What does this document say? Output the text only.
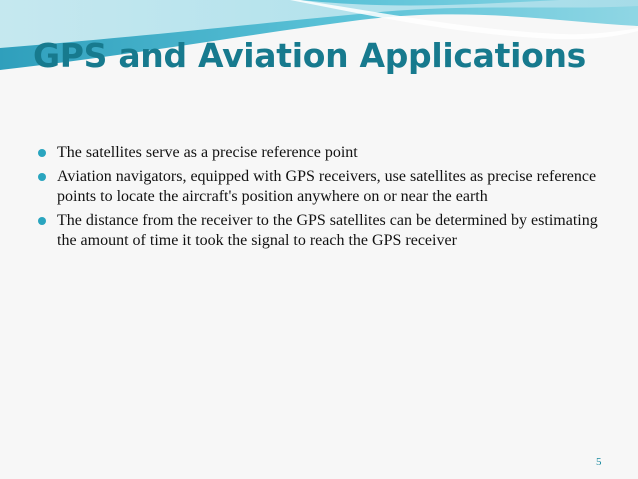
GPS and Aviation Applications
The satellites serve as a precise reference point
Aviation navigators, equipped with GPS receivers, use satellites as precise reference points to locate the aircraft's position anywhere on or near the earth
The distance from the receiver to the GPS satellites can be determined by estimating the amount of time it took the signal to reach the GPS receiver
5
